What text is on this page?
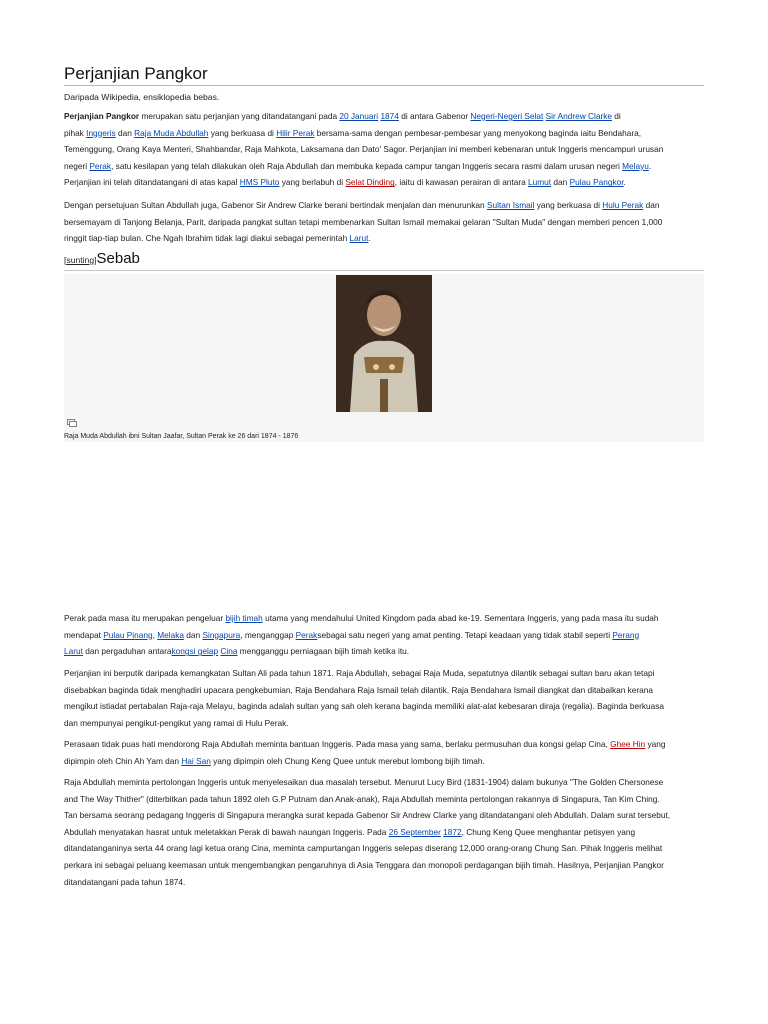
Perjanjian Pangkor
Daripada Wikipedia, ensiklopedia bebas.
Perjanjian Pangkor merupakan satu perjanjian yang ditandatangani pada 20 Januari 1874 di antara Gabenor Negeri-Negeri Selat Sir Andrew Clarke di
pihak Inggeris dan Raja Muda Abdullah yang berkuasa di Hilir Perak bersama-sama dengan pembesar-pembesar yang menyokong baginda iaitu Bendahara,
Temenggung, Orang Kaya Menteri, Shahbandar, Raja Mahkota, Laksamana dan Dato' Sagor. Perjanjian ini memberi kebenaran untuk Inggeris mencampuri urusan
negeri Perak, satu kesilapan yang telah dilakukan oleh Raja Abdullah dan membuka kepada campur tangan Inggeris secara rasmi dalam urusan negeri Melayu.
Perjanjian ini telah ditandatangani di atas kapal HMS Pluto yang berlabuh di Selat Dinding, iaitu di kawasan perairan di antara Lumut dan Pulau Pangkor.
Dengan persetujuan Sultan Abdullah juga, Gabenor Sir Andrew Clarke berani bertindak menjalan dan menurunkan Sultan Ismail yang berkuasa di Hulu Perak dan
bersemayam di Tanjong Belanja, Parit, daripada pangkat sultan tetapi membenarkan Sultan Ismail memakai gelaran "Sultan Muda" dengan memberi pencen 1,000
ringgit tiap-tiap bulan. Che Ngah Ibrahim tidak lagi diakui sebagai pemerintah Larut.
[sunting]Sebab
Raja Muda Abdullah ibni Sultan Jaafar, Sultan Perak ke 26 dari 1874 - 1876
Perak pada masa itu merupakan pengeluar bijih timah utama yang mendahului United Kingdom pada abad ke-19. Sementara Inggeris, yang pada masa itu sudah
mendapat Pulau Pinang, Melaka dan Singapura, menganggap Peraksebagai satu negeri yang amat penting. Tetapi keadaan yang tidak stabil seperti Perang
Larut dan pergaduhan antarakongsi gelap Cina mengganggu perniagaan bijih timah ketika itu.
Perjanjian ini berputik daripada kemangkatan Sultan Ali pada tahun 1871. Raja Abdullah, sebagai Raja Muda, sepatutnya dilantik sebagai sultan baru akan tetapi
disebabkan baginda tidak menghadiri upacara pengkebumian, Raja Bendahara Raja Ismail telah dilantik. Raja Bendahara Ismail diangkat dan ditabalkan kerana
mengikut istiadat pertabalan Raja-raja Melayu, baginda adalah sultan yang sah oleh kerana baginda memiliki alat-alat kebesaran diraja (regalia). Baginda berkuasa
dan mempunyai pengikut-pengikut yang ramai di Hulu Perak.
Perasaan tidak puas hati mendorong Raja Abdullah meminta bantuan Inggeris. Pada masa yang sama, berlaku permusuhan dua kongsi gelap Cina, Ghee Hin yang
dipimpin oleh Chin Ah Yam dan Hai San yang dipimpin oleh Chung Keng Quee untuk merebut lombong bijih timah.
Raja Abdullah meminta pertolongan Inggeris untuk menyelesaikan dua masalah tersebut. Menurut Lucy Bird (1831-1904) dalam bukunya "The Golden Chersonese
and The Way Thither" (diterbitkan pada tahun 1892 oleh G.P Putnam dan Anak-anak), Raja Abdullah meminta pertolongan rakannya di Singapura, Tan Kim Ching.
Tan bersama seorang pedagang Inggeris di Singapura merangka surat kepada Gabenor Sir Andrew Clarke yang ditandatangani oleh Abdullah. Dalam surat tersebut,
Abdullah menyatakan hasrat untuk meletakkan Perak di bawah naungan Inggeris. Pada 26 September 1872, Chung Keng Quee menghantar petisyen yang
ditandatanganinya serta 44 orang lagi ketua orang Cina, meminta campurtangan Inggeris selepas diserang 12,000 orang-orang Chung San. Pihak Inggeris melihat
perkara ini sebagai peluang keemasan untuk mengembangkan pengaruhnya di Asia Tenggara dan monopoli perdagangan bijih timah. Hasilnya, Perjanjian Pangkor
ditandatangani pada tahun 1874.
